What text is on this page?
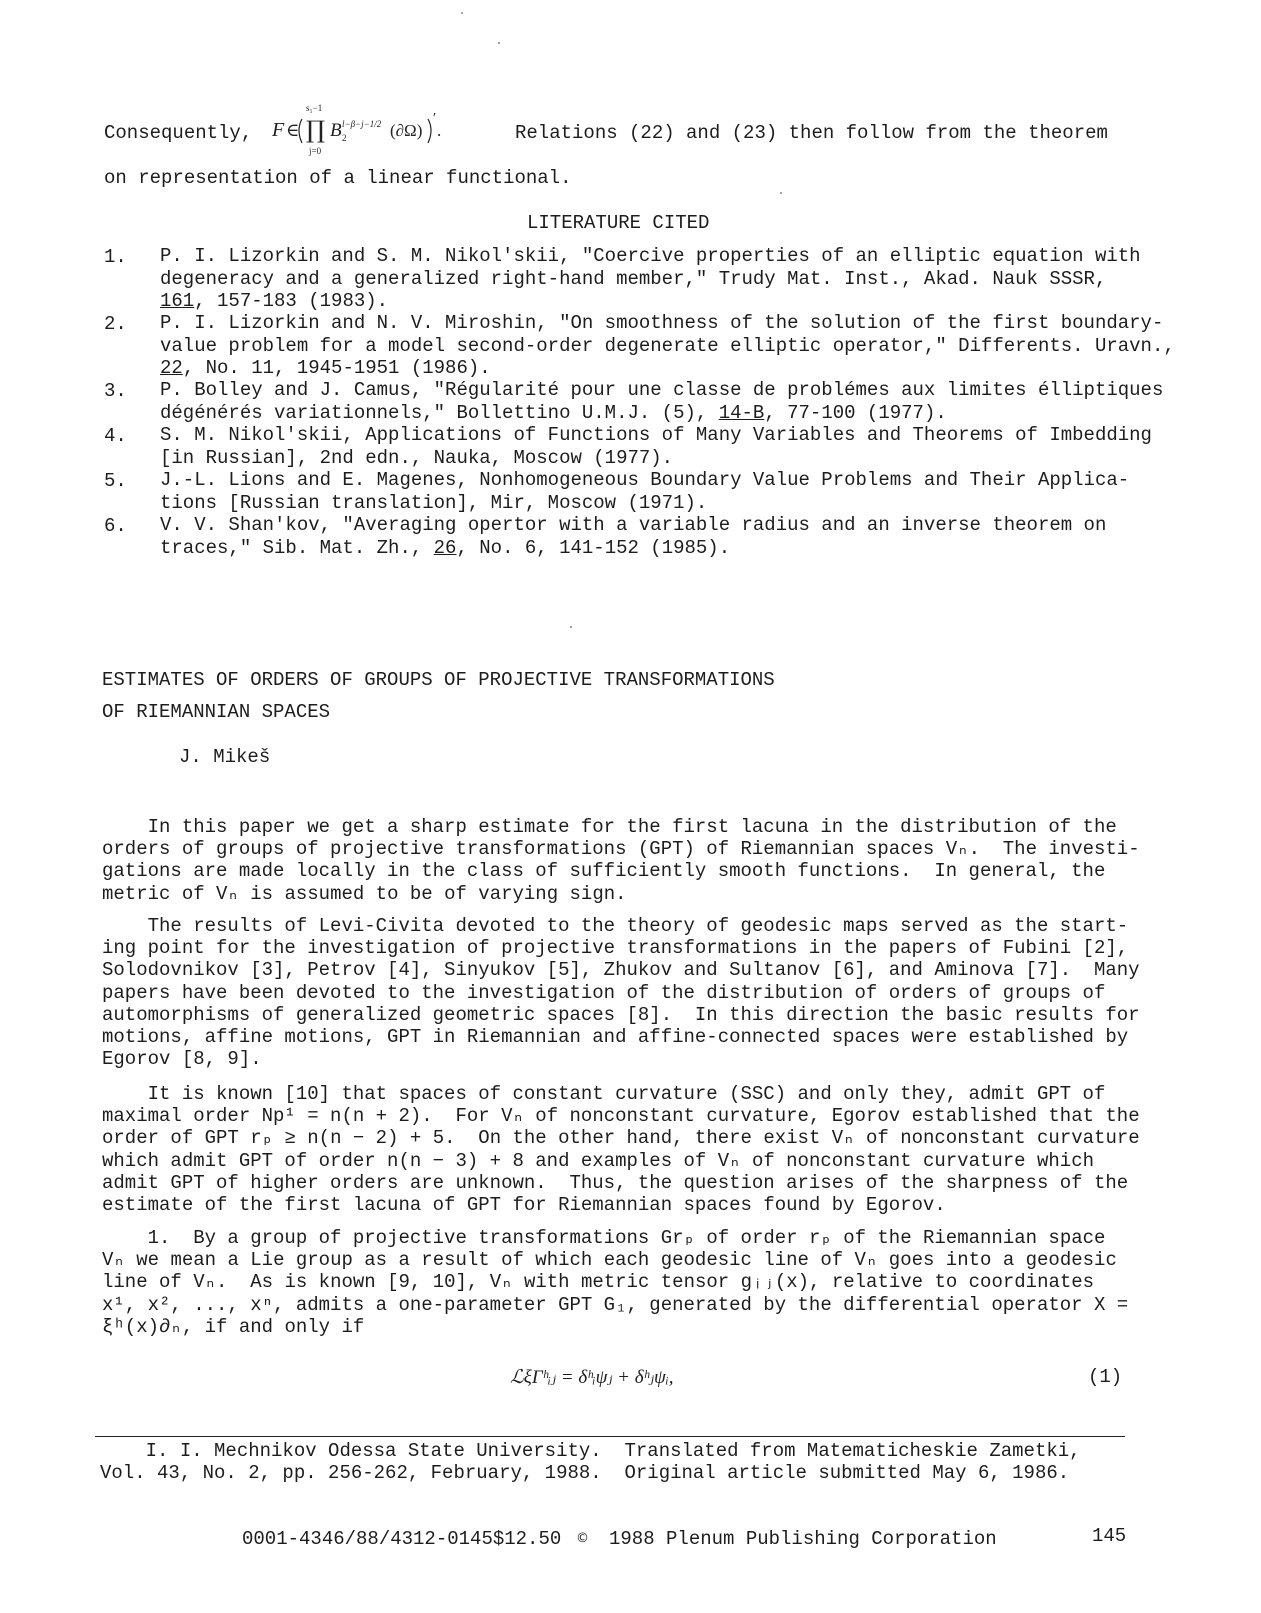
Consequently,
s₁−1
F ∈ ∏ B 2
l−β−j−1/2 (∂Ω)
′
.
j=0
Relations (22) and (23) then follow from the theorem
on representation of a linear functional.
LITERATURE CITED
1. P. I. Lizorkin and S. M. Nikol'skii, "Coercive properties of an elliptic equation with
degeneracy and a generalized right-hand member," Trudy Mat. Inst., Akad. Nauk SSSR,
161, 157-183 (1983).
2. P. I. Lizorkin and N. V. Miroshin, "On smoothness of the solution of the first boundary-
value problem for a model second-order degenerate elliptic operator," Differents. Uravn.,
22, No. 11, 1945-1951 (1986).
3. P. Bolley and J. Camus, "Régularité pour une classe de problémes aux limites élliptiques
dégénérés variationnels," Bollettino U.M.J. (5), 14-B, 77-100 (1977).
4. S. M. Nikol'skii, Applications of Functions of Many Variables and Theorems of Imbedding
[in Russian], 2nd edn., Nauka, Moscow (1977).
5. J.-L. Lions and E. Magenes, Nonhomogeneous Boundary Value Problems and Their Applica-
tions [Russian translation], Mir, Moscow (1971).
6. V. V. Shan'kov, "Averaging opertor with a variable radius and an inverse theorem on
traces," Sib. Mat. Zh., 26, No. 6, 141-152 (1985).
ESTIMATES OF ORDERS OF GROUPS OF PROJECTIVE TRANSFORMATIONS
OF RIEMANNIAN SPACES
J. Mikeš
In this paper we get a sharp estimate for the first lacuna in the distribution of the
orders of groups of projective transformations (GPT) of Riemannian spaces Vₙ.  The investi-
gations are made locally in the class of sufficiently smooth functions.  In general, the
metric of Vₙ is assumed to be of varying sign.
The results of Levi-Civita devoted to the theory of geodesic maps served as the start-
ing point for the investigation of projective transformations in the papers of Fubini [2],
Solodovnikov [3], Petrov [4], Sinyukov [5], Zhukov and Sultanov [6], and Aminova [7].  Many
papers have been devoted to the investigation of the distribution of orders of groups of
automorphisms of generalized geometric spaces [8].  In this direction the basic results for
motions, affine motions, GPT in Riemannian and affine-connected spaces were established by
Egorov [8, 9].
It is known [10] that spaces of constant curvature (SSC) and only they, admit GPT of
maximal order Np¹ = n(n + 2).  For Vₙ of nonconstant curvature, Egorov established that the
order of GPT rₚ ≥ n(n − 2) + 5.  On the other hand, there exist Vₙ of nonconstant curvature
which admit GPT of order n(n − 3) + 8 and examples of Vₙ of nonconstant curvature which
admit GPT of higher orders are unknown.  Thus, the question arises of the sharpness of the
estimate of the first lacuna of GPT for Riemannian spaces found by Egorov.
1.  By a group of projective transformations Grₚ of order rₚ of the Riemannian space
Vₙ we mean a Lie group as a result of which each geodesic line of Vₙ goes into a geodesic
line of Vₙ.  As is known [9, 10], Vₙ with metric tensor gᵢⱼ(x), relative to coordinates
x¹, x², ..., xⁿ, admits a one-parameter GPT G₁, generated by the differential operator X =
ξʰ(x)∂ₙ, if and only if
ℒξΓʰᵢⱼ = δʰᵢψⱼ + δʰⱼψᵢ,	(1)
I. I. Mechnikov Odessa State University.  Translated from Matematicheskie Zametki,
Vol. 43, No. 2, pp. 256-262, February, 1988.  Original article submitted May 6, 1986.
0001-4346/88/4312-0145$12.50 © 1988 Plenum Publishing Corporation	145
